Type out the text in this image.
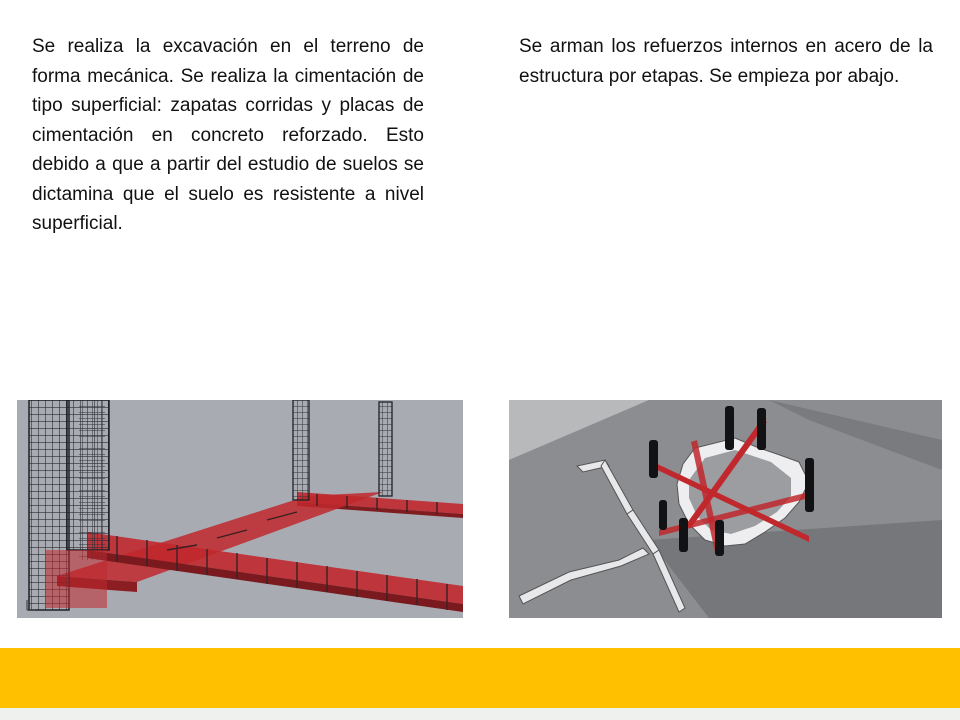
Se realiza la excavación en el terreno de forma mecánica. Se realiza la cimentación de tipo superficial: zapatas corridas y placas de cimentación en concreto reforzado. Esto debido a que a partir del estudio de suelos se dictamina que el suelo es resistente a nivel superficial.

Se arman los refuerzos internos en acero de la estructura por etapas. Se empieza por abajo.
